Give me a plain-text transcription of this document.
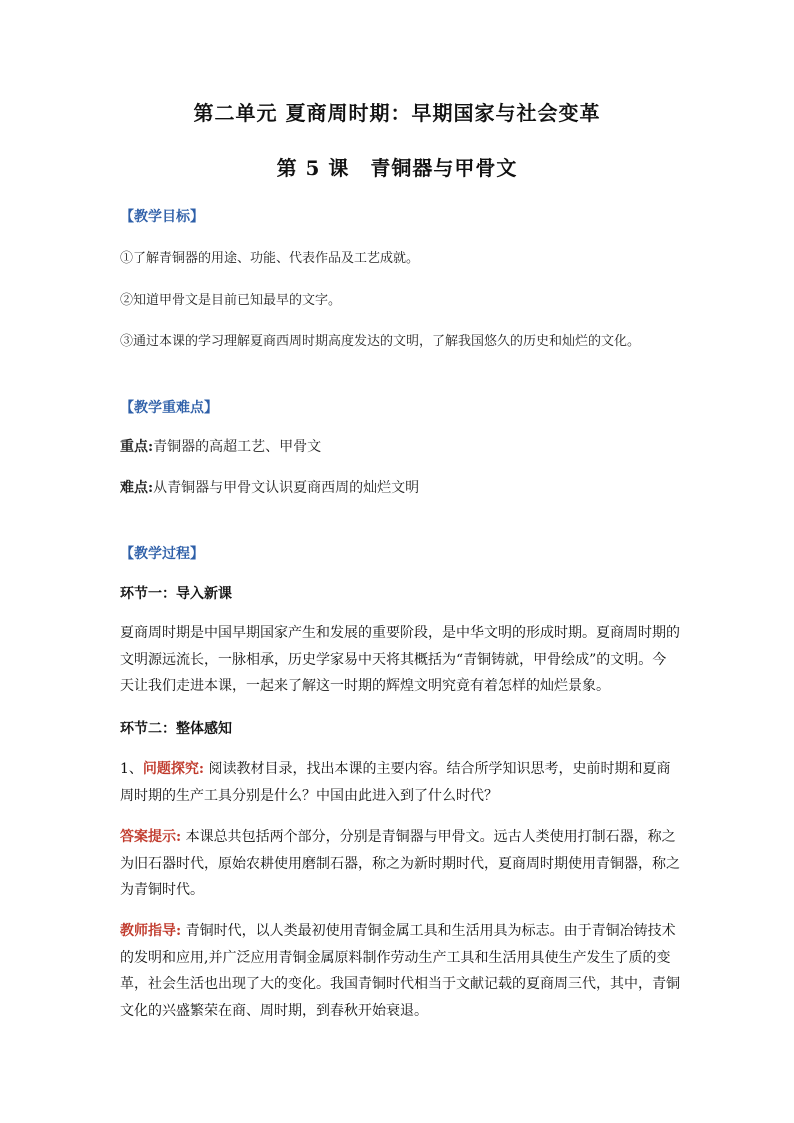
第二单元 夏商周时期：早期国家与社会变革
第 5 课　青铜器与甲骨文
【教学目标】
①了解青铜器的用途、功能、代表作品及工艺成就。
②知道甲骨文是目前已知最早的文字。
③通过本课的学习理解夏商西周时期高度发达的文明，了解我国悠久的历史和灿烂的文化。
【教学重难点】
重点:青铜器的高超工艺、甲骨文
难点:从青铜器与甲骨文认识夏商西周的灿烂文明
【教学过程】
环节一：导入新课
夏商周时期是中国早期国家产生和发展的重要阶段，是中华文明的形成时期。夏商周时期的文明源远流长，一脉相承，历史学家易中天将其概括为“青铜铸就，甲骨绘成”的文明。今天让我们走进本课，一起来了解这一时期的辉煌文明究竟有着怎样的灿烂景象。
环节二：整体感知
1、问题探究: 阅读教材目录，找出本课的主要内容。结合所学知识思考，史前时期和夏商周时期的生产工具分别是什么？中国由此进入到了什么时代？
答案提示: 本课总共包括两个部分，分别是青铜器与甲骨文。远古人类使用打制石器，称之为旧石器时代，原始农耕使用磨制石器，称之为新时期时代，夏商周时期使用青铜器，称之为青铜时代。
教师指导: 青铜时代，以人类最初使用青铜金属工具和生活用具为标志。由于青铜冶铸技术的发明和应用,并广泛应用青铜金属原料制作劳动生产工具和生活用具使生产发生了质的变革，社会生活也出现了大的变化。我国青铜时代相当于文献记载的夏商周三代，其中，青铜文化的兴盛繁荣在商、周时期，到春秋开始衰退。
